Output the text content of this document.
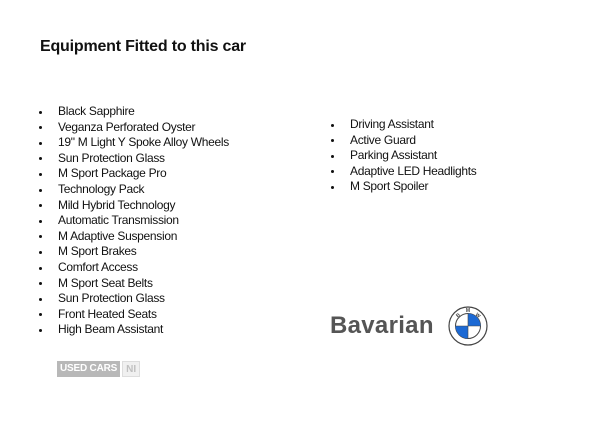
Equipment Fitted to this car
Black Sapphire
Veganza Perforated Oyster
19" M Light Y Spoke Alloy Wheels
Sun Protection Glass
M Sport Package Pro
Technology Pack
Mild Hybrid Technology
Automatic Transmission
M Adaptive Suspension
M Sport Brakes
Comfort Access
M Sport Seat Belts
Sun Protection Glass
Front Heated Seats
High Beam Assistant
Driving Assistant
Active Guard
Parking Assistant
Adaptive LED Headlights
M Sport Spoiler
Bavarian	B
M
W
USED CARS NI
